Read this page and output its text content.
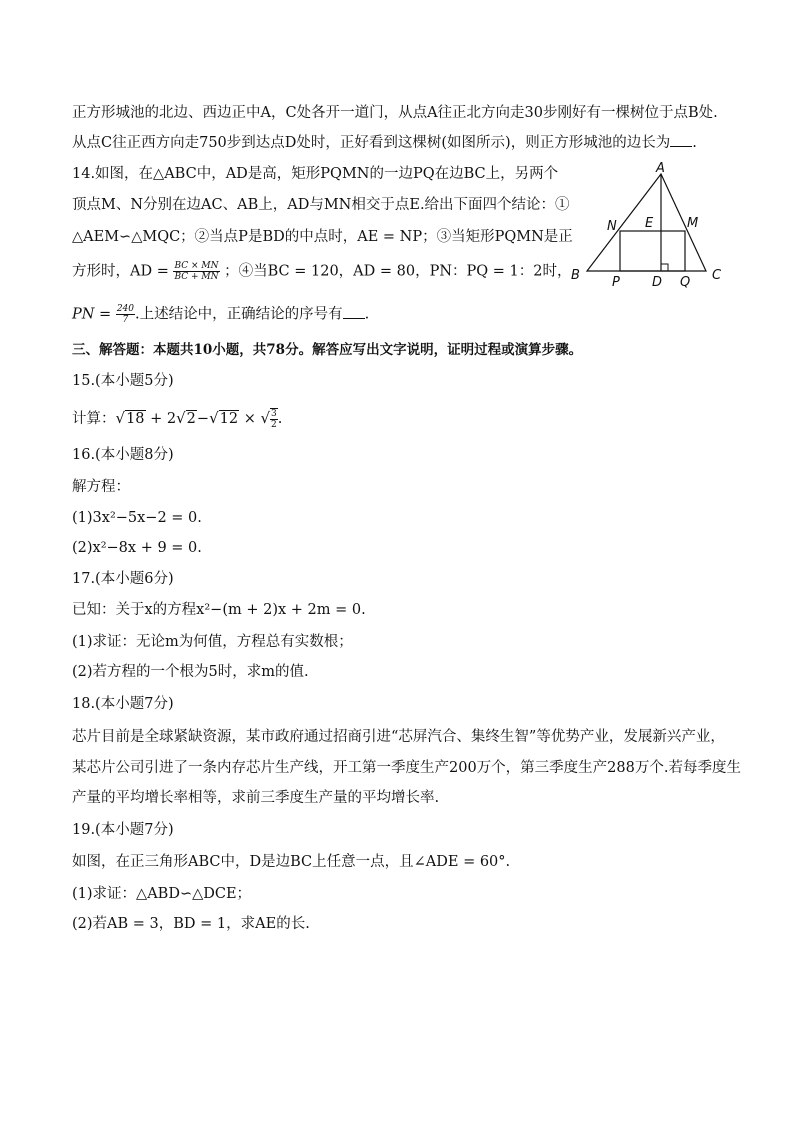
正方形城池的北边、西边正中A，C处各开一道门，从点A往正北方向走30步刚好有一棵树位于点B处.
从点C往正西方向走750步到达点D处时，正好看到这棵树(如图所示)，则正方形城池的边长为 .
14.如图，在△ABC中，AD是高，矩形PQMN的一边PQ在边BC上，另两个
顶点M、N分别在边AC、AB上，AD与MN相交于点E.给出下面四个结论：①
△AEM∽△MQC；②当点P是BD的中点时，AE = NP；③当矩形PQMN是正
方形时，AD = $\frac{BC \times MN}{BC + MN}$ ；④当BC = 120，AD = 80，PN：PQ = 1：2时，
PN = $\frac{240}{7}$ .上述结论中，正确结论的序号有 .
A
N E	M
B P D Q C
三、解答题：本题共10小题，共78分。解答应写出文字说明，证明过程或演算步骤。
15.(本小题5分)
计算：√18 + 2√2−√12 × √ $\frac{3}{2}$ .
16.(本小题8分)
解方程：
(1)3x²−5x−2 = 0.
(2)x²−8x + 9 = 0.
17.(本小题6分)
已知：关于x的方程x²−(m + 2)x + 2m = 0.
(1)求证：无论m为何值，方程总有实数根；
(2)若方程的一个根为5时，求m的值.
18.(本小题7分)
芯片目前是全球紧缺资源，某市政府通过招商引进“芯屏汽合、集终生智”等优势产业，发展新兴产业，
某芯片公司引进了一条内存芯片生产线，开工第一季度生产200万个，第三季度生产288万个.若每季度生
产量的平均增长率相等，求前三季度生产量的平均增长率.
19.(本小题7分)
如图，在正三角形ABC中，D是边BC上任意一点，且∠ADE = 60°.
(1)求证：△ABD∽△DCE；
(2)若AB = 3，BD = 1，求AE的长.
